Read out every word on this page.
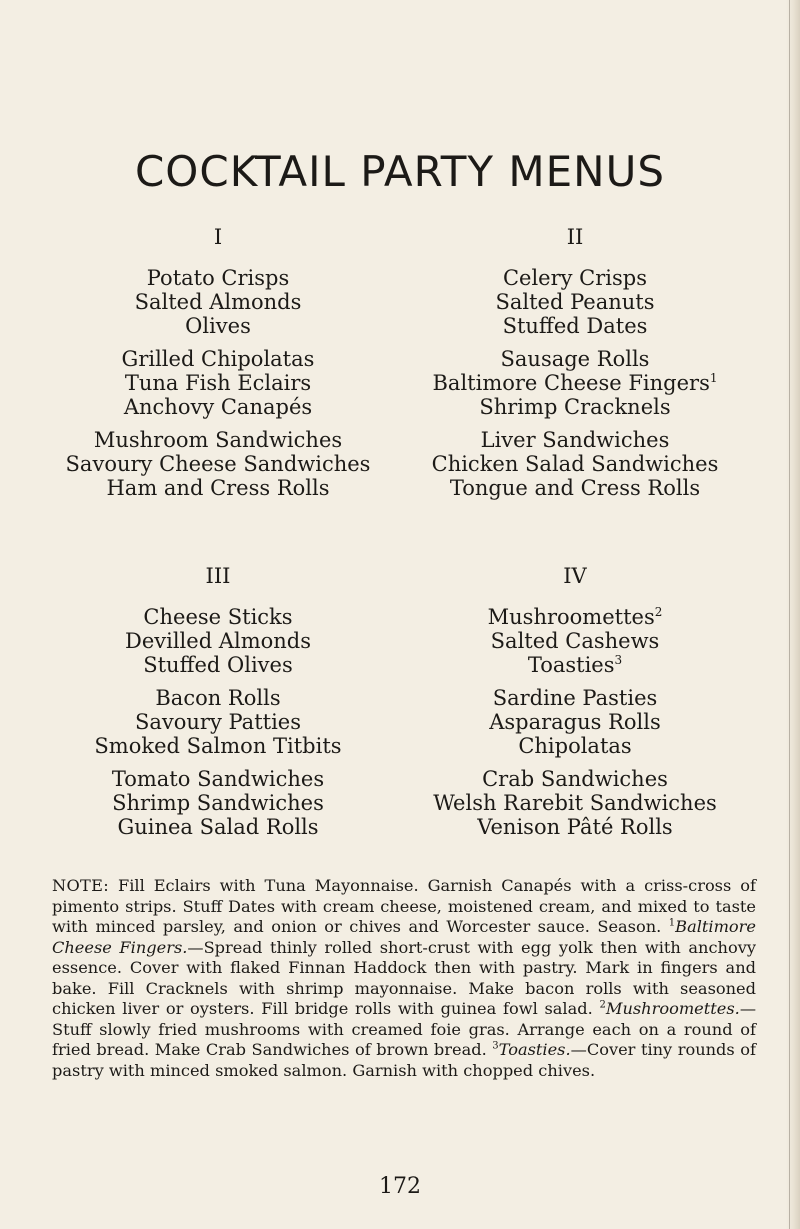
COCKTAIL PARTY MENUS
I
Potato Crisps
Salted Almonds
Olives
Grilled Chipolatas
Tuna Fish Eclairs
Anchovy Canapés
Mushroom Sandwiches
Savoury Cheese Sandwiches
Ham and Cress Rolls
II
Celery Crisps
Salted Peanuts
Stuffed Dates
Sausage Rolls
Baltimore Cheese Fingers$^1$
Shrimp Cracknels
Liver Sandwiches
Chicken Salad Sandwiches
Tongue and Cress Rolls
III
Cheese Sticks
Devilled Almonds
Stuffed Olives
Bacon Rolls
Savoury Patties
Smoked Salmon Titbits
Tomato Sandwiches
Shrimp Sandwiches
Guinea Salad Rolls
IV
Mushroomettes$^2$
Salted Cashews
Toasties$^3$
Sardine Pasties
Asparagus Rolls
Chipolatas
Crab Sandwiches
Welsh Rarebit Sandwiches
Venison Pâté Rolls

NOTE: Fill Eclairs with Tuna Mayonnaise. Garnish Canapés with a criss-cross of pimento strips. Stuff Dates with cream cheese, moistened cream, and mixed to taste with minced parsley, and onion or chives and Worcester sauce. Season. $^1$Baltimore Cheese Fingers.—Spread thinly rolled short-crust with egg yolk then with anchovy essence. Cover with flaked Finnan Haddock then with pastry. Mark in fingers and bake. Fill Cracknels with shrimp mayonnaise. Make bacon rolls with seasoned chicken liver or oysters. Fill bridge rolls with guinea fowl salad. $^2$Mushroomettes.—Stuff slowly fried mushrooms with creamed foie gras. Arrange each on a round of fried bread. Make Crab Sandwiches of brown bread. $^3$Toasties.—Cover tiny rounds of pastry with minced smoked salmon. Garnish with chopped chives.

172
